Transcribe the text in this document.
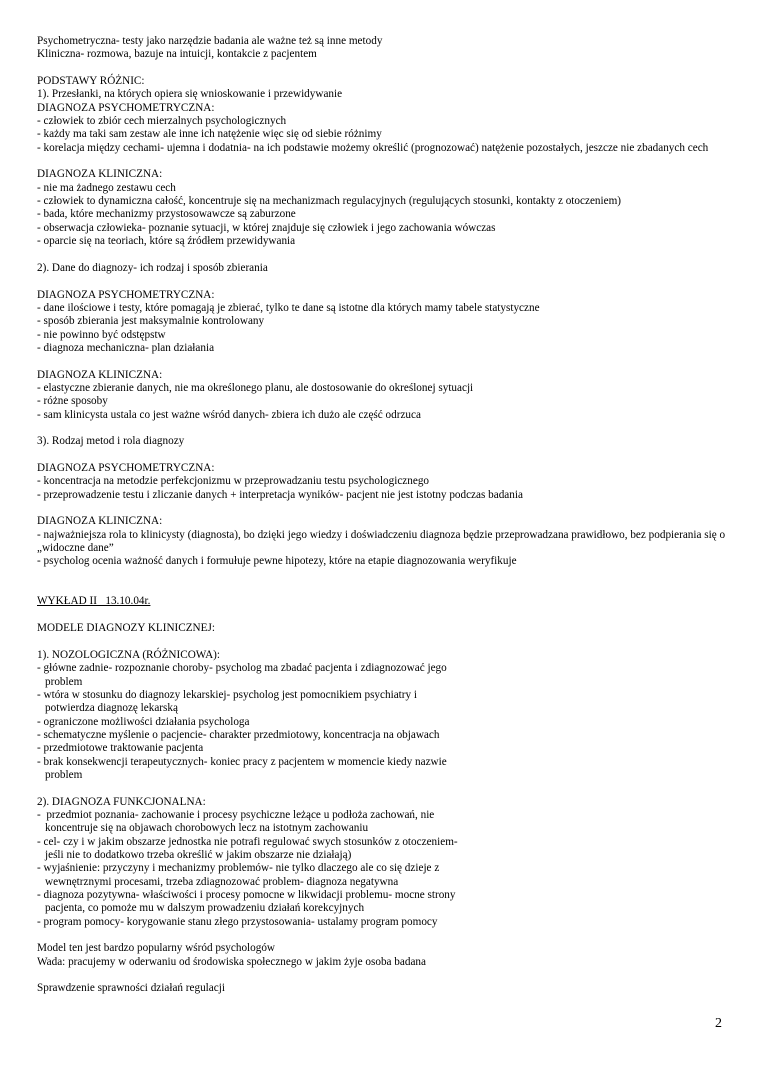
Psychometryczna- testy jako narzędzie badania ale ważne też są inne metody
Kliniczna- rozmowa, bazuje na intuicji, kontakcie z pacjentem
PODSTAWY RÓŻNIC:
1). Przesłanki, na których opiera się wnioskowanie i przewidywanie
DIAGNOZA PSYCHOMETRYCZNA:
- człowiek to zbiór cech mierzalnych psychologicznych
- każdy ma taki sam zestaw ale inne ich natężenie więc się od siebie różnimy
- korelacja między cechami- ujemna i dodatnia- na ich podstawie możemy określić (prognozować) natężenie pozostałych, jeszcze nie zbadanych cech
DIAGNOZA KLINICZNA:
- nie ma żadnego zestawu cech
- człowiek to dynamiczna całość, koncentruje się na mechanizmach regulacyjnych (regulujących stosunki, kontakty z otoczeniem)
- bada, które mechanizmy przystosowawcze są zaburzone
- obserwacja człowieka- poznanie sytuacji, w której znajduje się człowiek i jego zachowania wówczas
- oparcie się na teoriach, które są źródłem przewidywania
2). Dane do diagnozy- ich rodzaj i sposób zbierania
DIAGNOZA PSYCHOMETRYCZNA:
- dane ilościowe i testy, które pomagają je zbierać, tylko te dane są istotne dla których mamy tabele statystyczne
- sposób zbierania jest maksymalnie kontrolowany
- nie powinno być odstępstw
- diagnoza mechaniczna- plan działania
DIAGNOZA KLINICZNA:
- elastyczne zbieranie danych, nie ma określonego planu, ale dostosowanie do określonej sytuacji
- różne sposoby
- sam klinicysta ustala co jest ważne wśród danych- zbiera ich dużo ale część odrzuca
3). Rodzaj metod i rola diagnozy
DIAGNOZA PSYCHOMETRYCZNA:
- koncentracja na metodzie perfekcjonizmu w przeprowadzaniu testu psychologicznego
- przeprowadzenie testu i zliczanie danych + interpretacja wyników- pacjent nie jest istotny podczas badania
DIAGNOZA KLINICZNA:
- najważniejsza rola to klinicysty (diagnosta), bo dzięki jego wiedzy i doświadczeniu diagnoza będzie przeprowadzana prawidłowo, bez podpierania się o „widoczne dane”
- psycholog ocenia ważność danych i formułuje pewne hipotezy, które na etapie diagnozowania weryfikuje
WYKŁAD II   13.10.04r.
MODELE DIAGNOZY KLINICZNEJ:
1). NOZOLOGICZNA (RÓŻNICOWA):
- główne zadnie- rozpoznanie choroby- psycholog ma zbadać pacjenta i zdiagnozować jego
problem
- wtóra w stosunku do diagnozy lekarskiej- psycholog jest pomocnikiem psychiatry i
potwierdza diagnozę lekarską
- ograniczone możliwości działania psychologa
- schematyczne myślenie o pacjencie- charakter przedmiotowy, koncentracja na objawach
- przedmiotowe traktowanie pacjenta
- brak konsekwencji terapeutycznych- koniec pracy z pacjentem w momencie kiedy nazwie
problem
2). DIAGNOZA FUNKCJONALNA:
-  przedmiot poznania- zachowanie i procesy psychiczne leżące u podłoża zachowań, nie
koncentruje się na objawach chorobowych lecz na istotnym zachowaniu
- cel- czy i w jakim obszarze jednostka nie potrafi regulować swych stosunków z otoczeniem-
jeśli nie to dodatkowo trzeba określić w jakim obszarze nie działają)
- wyjaśnienie: przyczyny i mechanizmy problemów- nie tylko dlaczego ale co się dzieje z
wewnętrznymi procesami, trzeba zdiagnozować problem- diagnoza negatywna
- diagnoza pozytywna- właściwości i procesy pomocne w likwidacji problemu- mocne strony
pacjenta, co pomoże mu w dalszym prowadzeniu działań korekcyjnych
- program pomocy- korygowanie stanu złego przystosowania- ustalamy program pomocy
Model ten jest bardzo popularny wśród psychologów
Wada: pracujemy w oderwaniu od środowiska społecznego w jakim żyje osoba badana
Sprawdzenie sprawności działań regulacji
2
